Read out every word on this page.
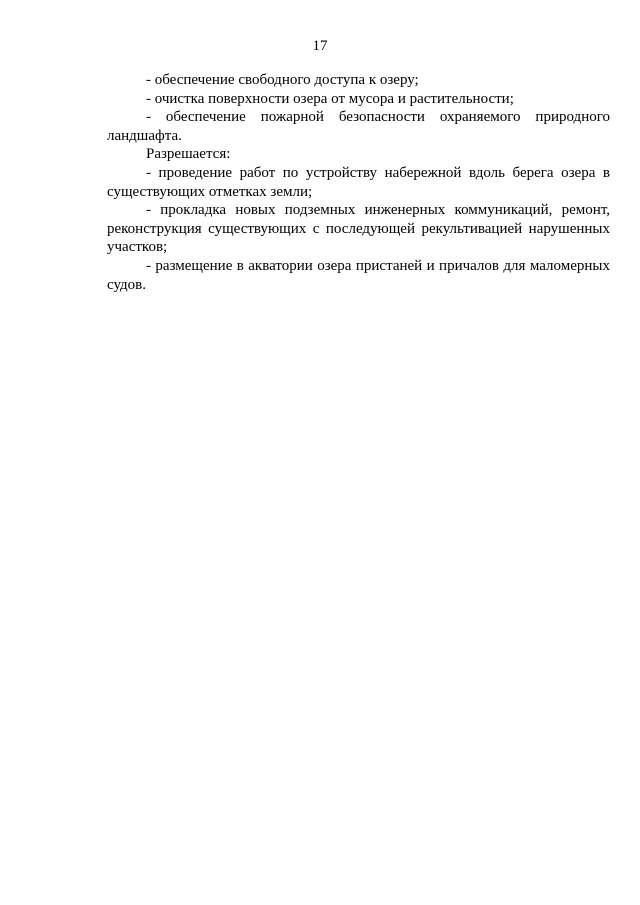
17

- обеспечение свободного доступа к озеру;

- очистка поверхности озера от мусора и растительности;

- обеспечение пожарной безопасности охраняемого природного ландшафта.

Разрешается:

- проведение работ по устройству набережной вдоль берега озера в существующих отметках земли;

- прокладка новых подземных инженерных коммуникаций, ремонт, реконструкция существующих с последующей рекультивацией нарушенных участков;

- размещение в акватории озера пристаней и причалов для маломерных судов.
